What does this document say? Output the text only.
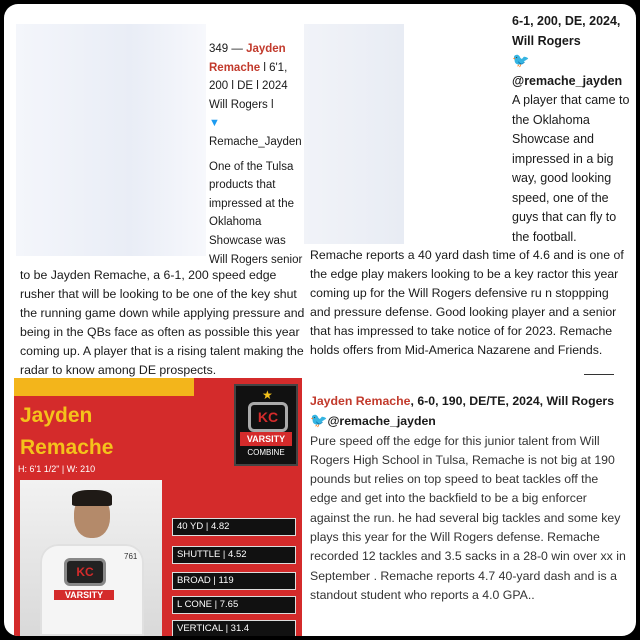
349 — Jayden
Remache l 6'1,
200 l DE l 2024
Will Rogers l
▼
Remache_Jayden
One of the Tulsa products that impressed at the Oklahoma Showcase was Will Rogers senior
6-1, 200, DE, 2024, Will Rogers
🐦
@remache_jayden
A player that came to the Oklahoma Showcase and impressed in a big way, good looking speed, one of the guys that can fly to the football.
to be Jayden Remache, a 6-1, 200 speed edge rusher that will be looking to be one of the key shut the running game down while applying pressure and being in the QBs face as often as possible this year coming up. A player that is a rising talent making the radar to know among DE prospects.
Remache reports a 40 yard dash time of 4.6 and is one of the edge play makers looking to be a key ractor this year coming up for the Will Rogers defensive ru n stoppping and pressure defense. Good looking player and a senior that has impressed to take notice of for 2023. Remache holds offers from Mid-America Nazarene and Friends.
Jayden
Remache
H: 6'1 1/2" | W: 210
★
KC
VARSITY
COMBINE
KC
VARSITY
761
40 YD | 4.82
SHUTTLE | 4.52
BROAD | 119
L CONE | 7.65
VERTICAL | 31.4
Jayden Remache, 6-0, 190, DE/TE, 2024, Will Rogers 🐦@remache_jayden
Pure speed off the edge for this junior talent from Will Rogers High School in Tulsa, Remache is not big at 190 pounds but relies on top speed to beat tackles off the edge and get into the backfield to be a big enforcer against the run. he had several big tackles and some key plays this year for the Will Rogers defense. Remache recorded 12 tackles and 3.5 sacks in a 28-0 win over xx in September . Remache reports 4.7 40-yard dash and is a standout student who reports a 4.0 GPA..
